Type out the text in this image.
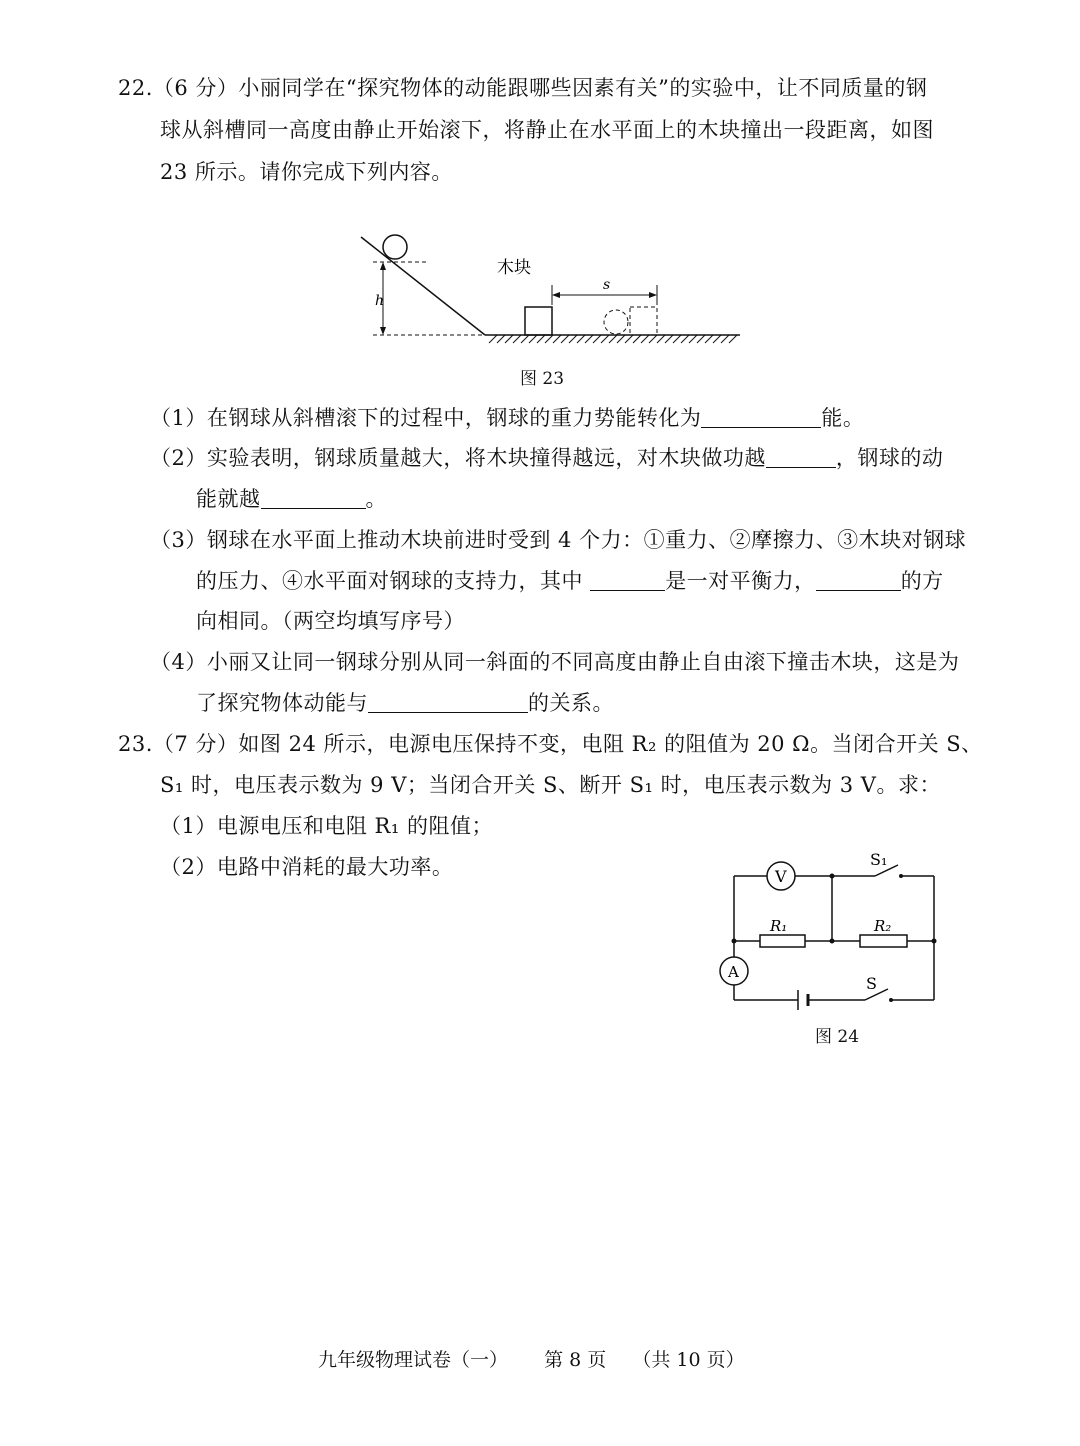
22.（6 分）小丽同学在“探究物体的动能跟哪些因素有关”的实验中，让不同质量的钢
球从斜槽同一高度由静止开始滚下，将静止在水平面上的木块撞出一段距离，如图
23 所示。请你完成下列内容。
h
木块
s
图 23
（1）在钢球从斜槽滚下的过程中，钢球的重力势能转化为	能。
（2）实验表明，钢球质量越大，将木块撞得越远，对木块做功越	，钢球的动
能就越	。
（3）钢球在水平面上推动木块前进时受到 4 个力：①重力、②摩擦力、③木块对钢球
的压力、④水平面对钢球的支持力，其中	是一对平衡力，	的方
向相同。（两空均填写序号）
（4）小丽又让同一钢球分别从同一斜面的不同高度由静止自由滚下撞击木块，这是为
了探究物体动能与	的关系。
23.（7 分）如图 24 所示，电源电压保持不变，电阻 R₂ 的阻值为 20 Ω。当闭合开关 S、
S₁ 时，电压表示数为 9 V；当闭合开关 S、断开 S₁ 时，电压表示数为 3 V。求：
（1）电源电压和电阻 R₁ 的阻值；
（2）电路中消耗的最大功率。	V
A
S₁
S
R₁	R₂
图 24
九年级物理试卷（一） 第 8 页 （共 10 页）
